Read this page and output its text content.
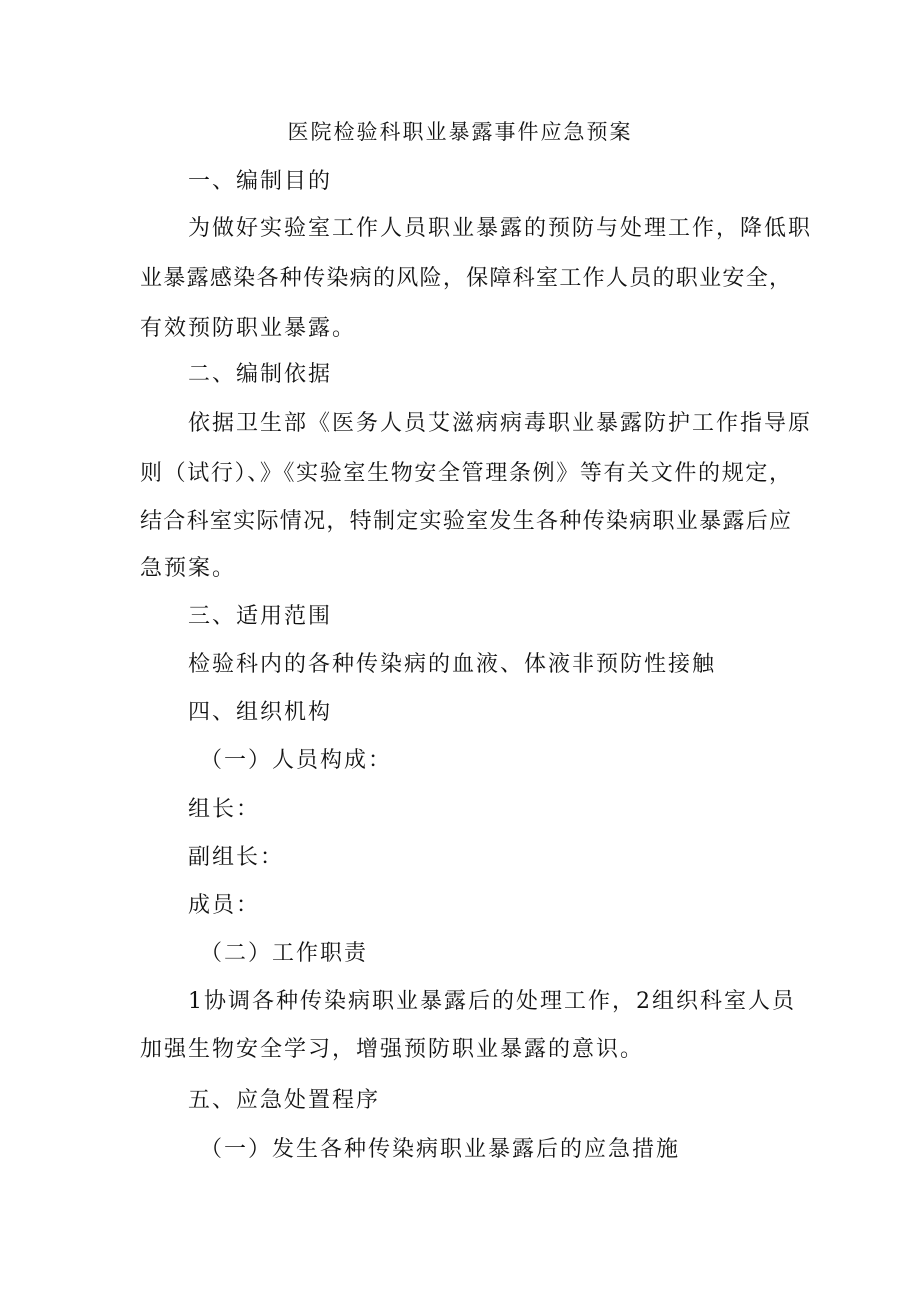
医院检验科职业暴露事件应急预案
一、编制目的
为做好实验室工作人员职业暴露的预防与处理工作，降低职
业暴露感染各种传染病的风险，保障科室工作人员的职业安全，
有效预防职业暴露。
二、编制依据
依据卫生部《医务人员艾滋病病毒职业暴露防护工作指导原
则（试行）、》《实验室生物安全管理条例》等有关文件的规定，
结合科室实际情况，特制定实验室发生各种传染病职业暴露后应
急预案。
三、适用范围
检验科内的各种传染病的血液、体液非预防性接触
四、组织机构
（一）人员构成：
组长：
副组长：
成员：
（二）工作职责
1协调各种传染病职业暴露后的处理工作，2组织科室人员
加强生物安全学习，增强预防职业暴露的意识。
五、应急处置程序
（一）发生各种传染病职业暴露后的应急措施
